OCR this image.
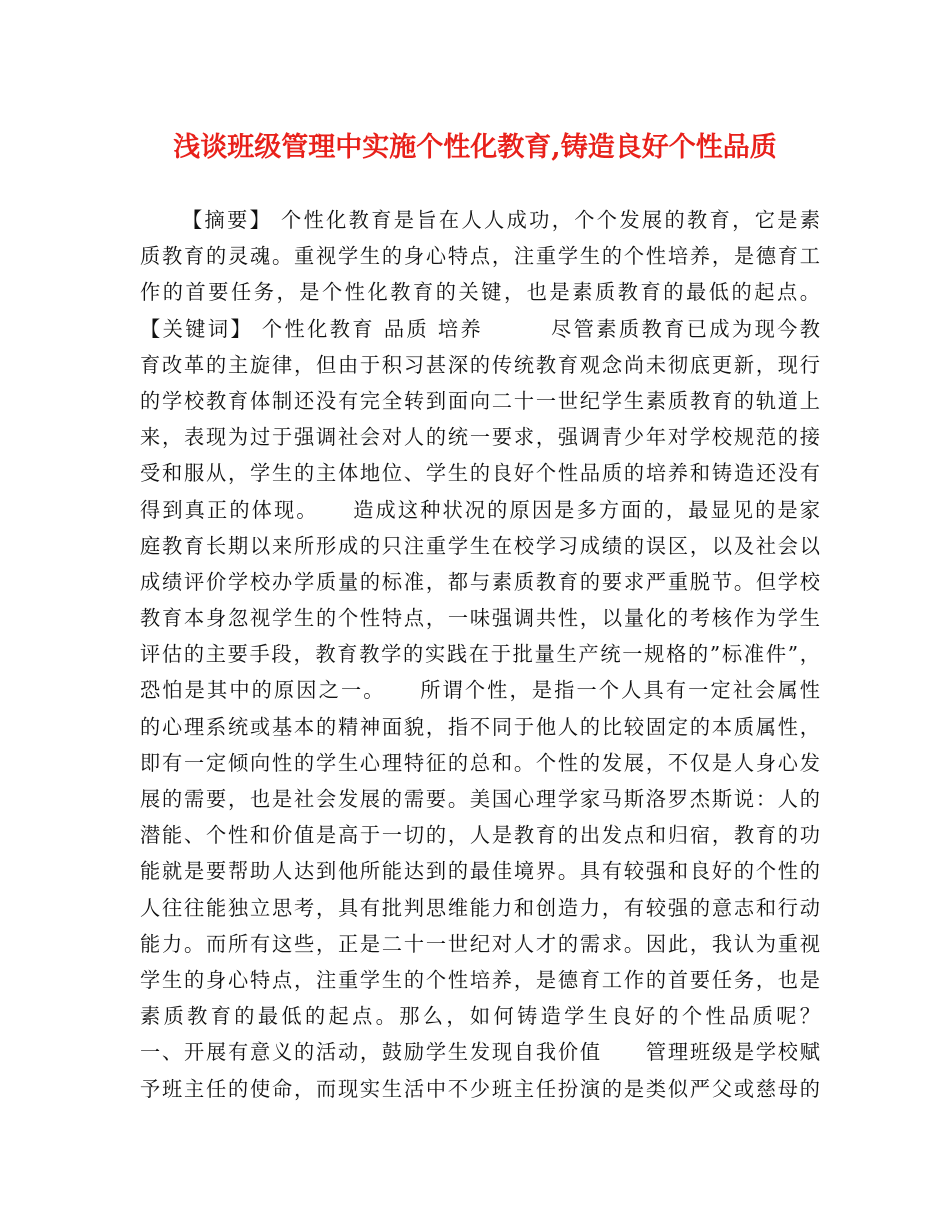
浅谈班级管理中实施个性化教育,铸造良好个性品质
【摘要】 个性化教育是旨在人人成功，个个发展的教育，它是素
质教育的灵魂。重视学生的身心特点，注重学生的个性培养，是德育工
作的首要任务，是个性化教育的关键，也是素质教育的最低的起点。
【关键词】 个性化教育 品质 培养　　　尽管素质教育已成为现今教
育改革的主旋律，但由于积习甚深的传统教育观念尚未彻底更新，现行
的学校教育体制还没有完全转到面向二十一世纪学生素质教育的轨道上
来，表现为过于强调社会对人的统一要求，强调青少年对学校规范的接
受和服从，学生的主体地位、学生的良好个性品质的培养和铸造还没有
得到真正的体现。　　造成这种状况的原因是多方面的，最显见的是家
庭教育长期以来所形成的只注重学生在校学习成绩的误区，以及社会以
成绩评价学校办学质量的标准，都与素质教育的要求严重脱节。但学校
教育本身忽视学生的个性特点，一味强调共性，以量化的考核作为学生
评估的主要手段，教育教学的实践在于批量生产统一规格的”标准件”，
恐怕是其中的原因之一。　　所谓个性，是指一个人具有一定社会属性
的心理系统或基本的精神面貌，指不同于他人的比较固定的本质属性，
即有一定倾向性的学生心理特征的总和。个性的发展，不仅是人身心发
展的需要，也是社会发展的需要。美国心理学家马斯洛罗杰斯说：人的
潜能、个性和价值是高于一切的，人是教育的出发点和归宿，教育的功
能就是要帮助人达到他所能达到的最佳境界。具有较强和良好的个性的
人往往能独立思考，具有批判思维能力和创造力，有较强的意志和行动
能力。而所有这些，正是二十一世纪对人才的需求。因此，我认为重视
学生的身心特点，注重学生的个性培养，是德育工作的首要任务，也是
素质教育的最低的起点。那么，如何铸造学生良好的个性品质呢？
一、开展有意义的活动，鼓励学生发现自我价值　　管理班级是学校赋
予班主任的使命，而现实生活中不少班主任扮演的是类似严父或慈母的
